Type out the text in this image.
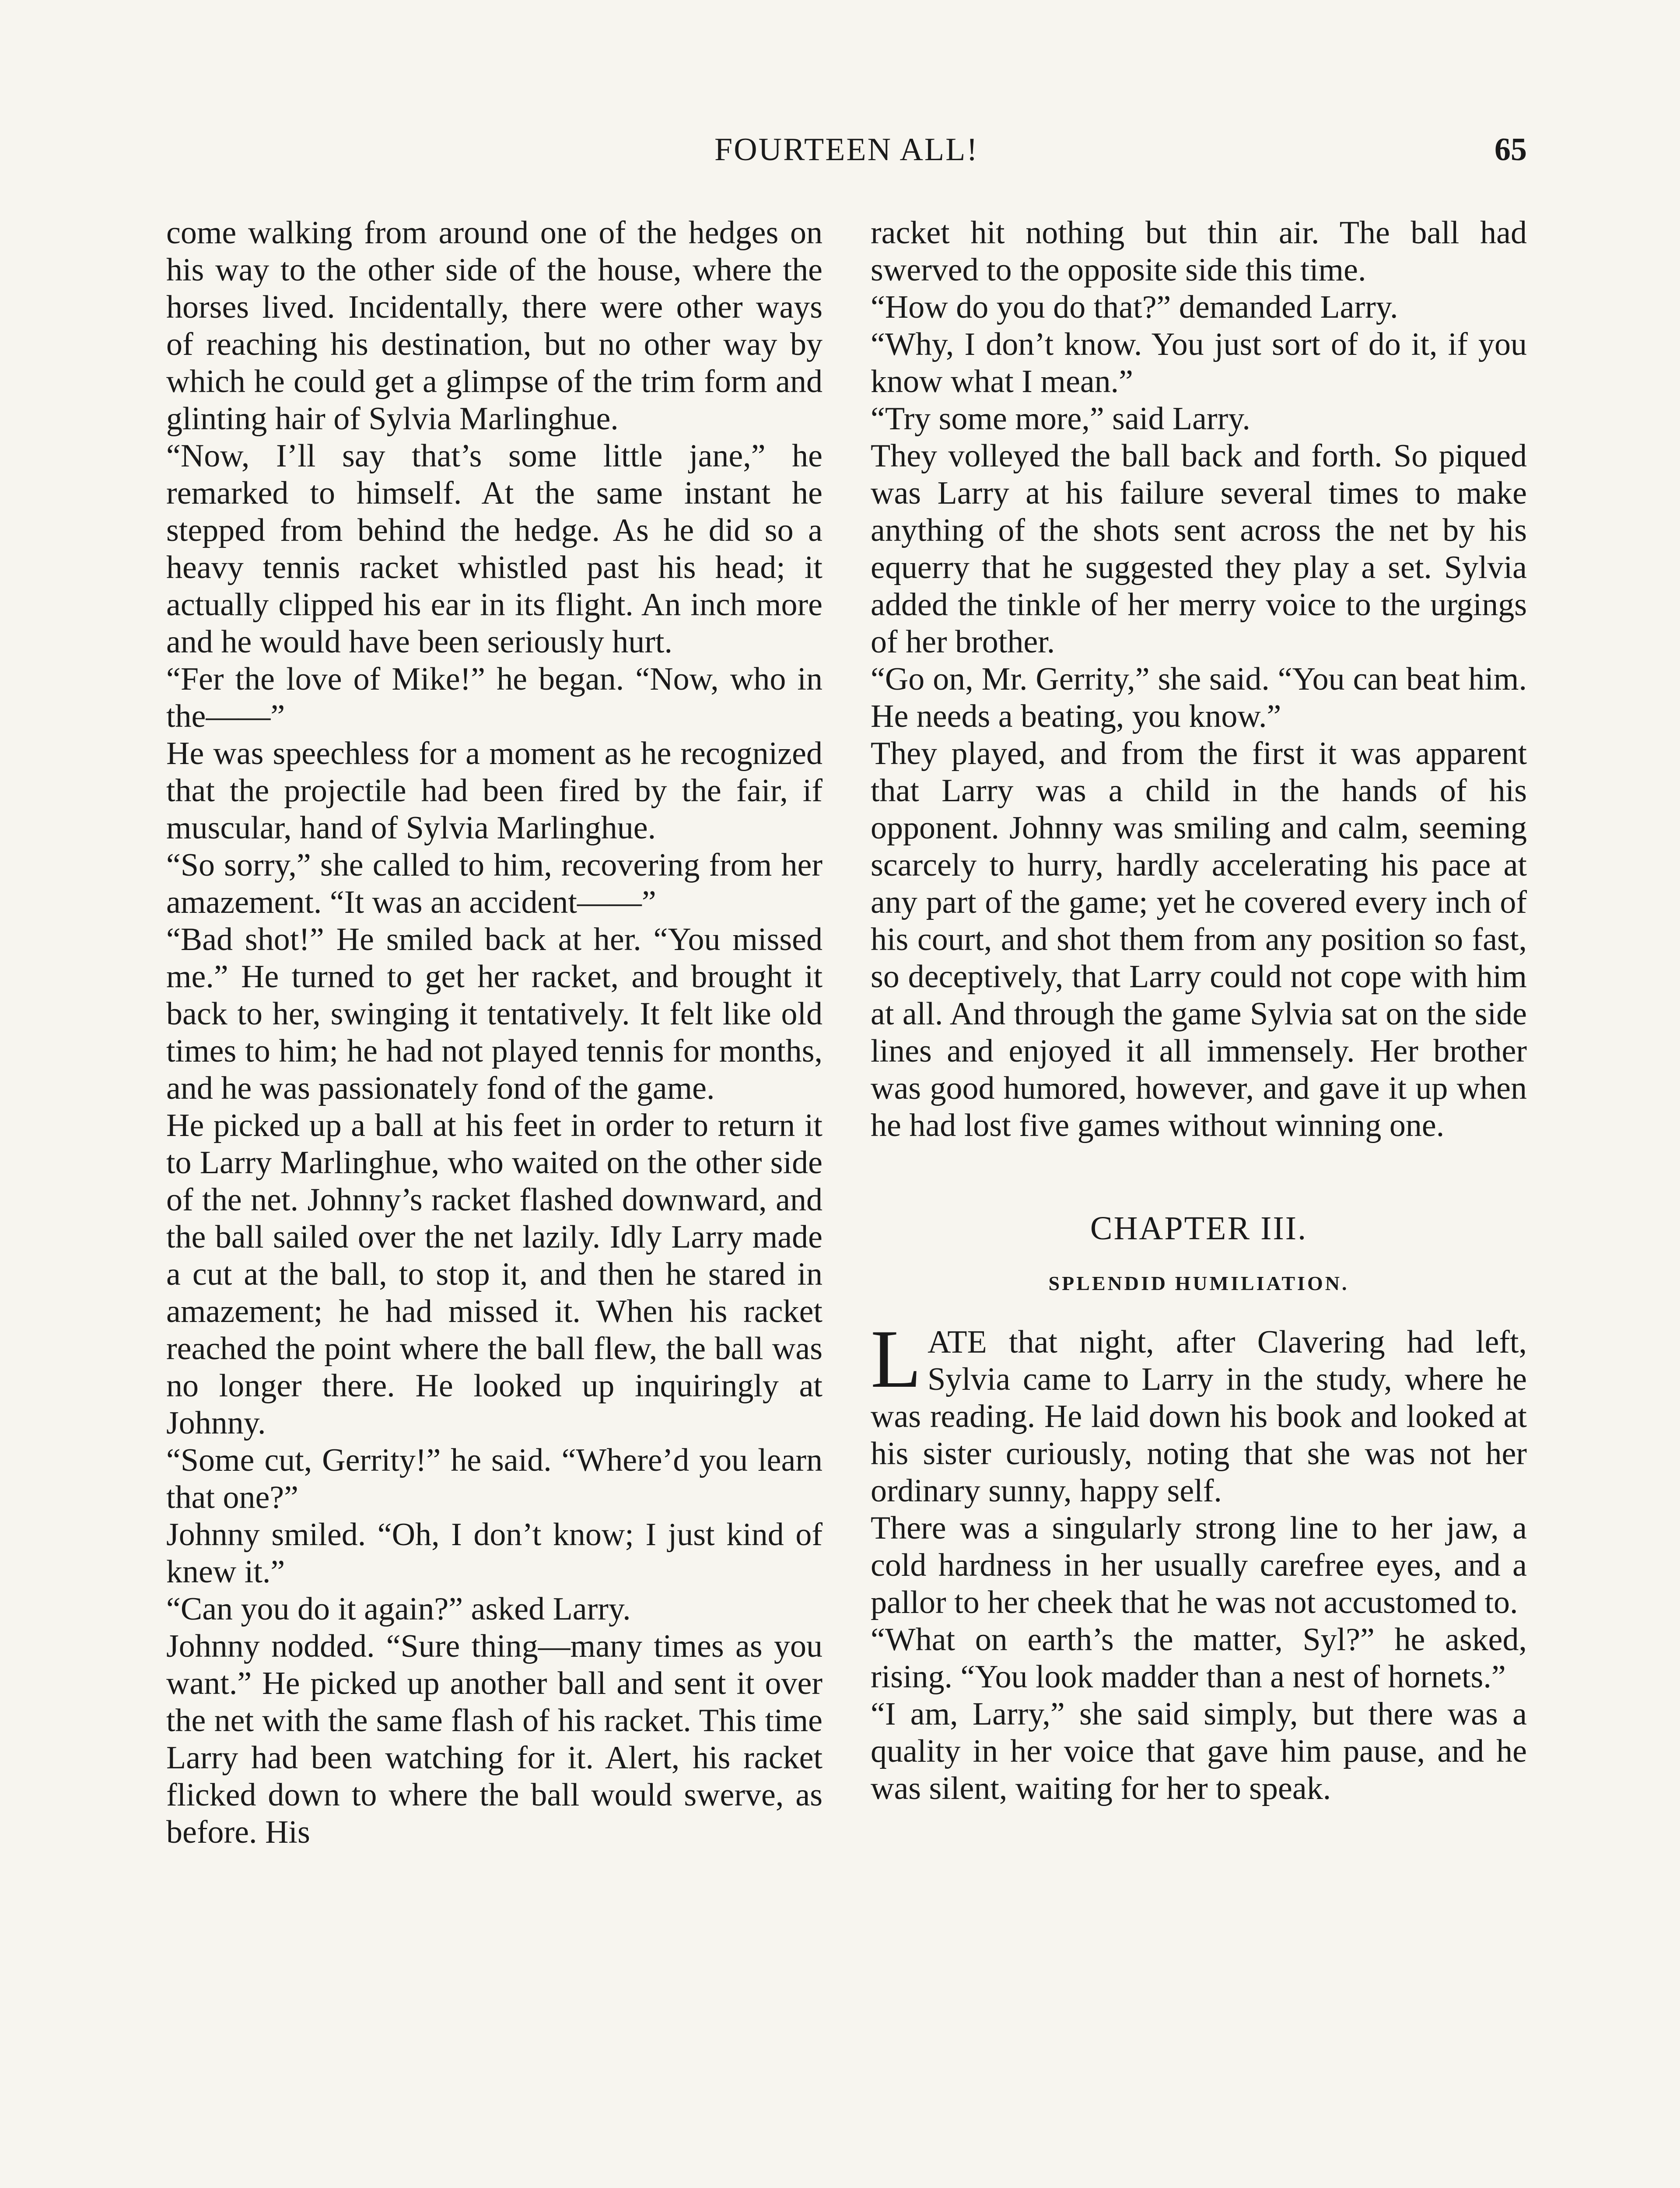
FOURTEEN ALL!	65

come walking from around one of the hedges on his way to the other side of the house, where the horses lived. Incidentally, there were other ways of reaching his destination, but no other way by which he could get a glimpse of the trim form and glinting hair of Sylvia Marlinghue.

“Now, I’ll say that’s some little jane,” he remarked to himself. At the same instant he stepped from behind the hedge. As he did so a heavy tennis racket whistled past his head; it actually clipped his ear in its flight. An inch more and he would have been seriously hurt.

“Fer the love of Mike!” he began. “Now, who in the——”

He was speechless for a moment as he recognized that the projectile had been fired by the fair, if muscular, hand of Sylvia Marlinghue.

“So sorry,” she called to him, recovering from her amazement. “It was an accident——”

“Bad shot!” He smiled back at her. “You missed me.” He turned to get her racket, and brought it back to her, swinging it tentatively. It felt like old times to him; he had not played tennis for months, and he was passionately fond of the game.

He picked up a ball at his feet in order to return it to Larry Marlinghue, who waited on the other side of the net. Johnny’s racket flashed downward, and the ball sailed over the net lazily. Idly Larry made a cut at the ball, to stop it, and then he stared in amazement; he had missed it. When his racket reached the point where the ball flew, the ball was no longer there. He looked up inquiringly at Johnny.

“Some cut, Gerrity!” he said. “Where’d you learn that one?”

Johnny smiled. “Oh, I don’t know; I just kind of knew it.”

“Can you do it again?” asked Larry.

Johnny nodded. “Sure thing—many times as you want.” He picked up another ball and sent it over the net with the same flash of his racket. This time Larry had been watching for it. Alert, his racket flicked down to where the ball would swerve, as before. His

racket hit nothing but thin air. The ball had swerved to the opposite side this time.

“How do you do that?” demanded Larry.

“Why, I don’t know. You just sort of do it, if you know what I mean.”

“Try some more,” said Larry.

They volleyed the ball back and forth. So piqued was Larry at his failure several times to make anything of the shots sent across the net by his equerry that he suggested they play a set. Sylvia added the tinkle of her merry voice to the urgings of her brother.

“Go on, Mr. Gerrity,” she said. “You can beat him. He needs a beating, you know.”

They played, and from the first it was apparent that Larry was a child in the hands of his opponent. Johnny was smiling and calm, seeming scarcely to hurry, hardly accelerating his pace at any part of the game; yet he covered every inch of his court, and shot them from any position so fast, so deceptively, that Larry could not cope with him at all. And through the game Sylvia sat on the side lines and enjoyed it all immensely. Her brother was good humored, however, and gave it up when he had lost five games without winning one.

CHAPTER III.
SPLENDID HUMILIATION.

LATE that night, after Clavering had left, Sylvia came to Larry in the study, where he was reading. He laid down his book and looked at his sister curiously, noting that she was not her ordinary sunny, happy self.

There was a singularly strong line to her jaw, a cold hardness in her usually carefree eyes, and a pallor to her cheek that he was not accustomed to.

“What on earth’s the matter, Syl?” he asked, rising. “You look madder than a nest of hornets.”

“I am, Larry,” she said simply, but there was a quality in her voice that gave him pause, and he was silent, waiting for her to speak.
